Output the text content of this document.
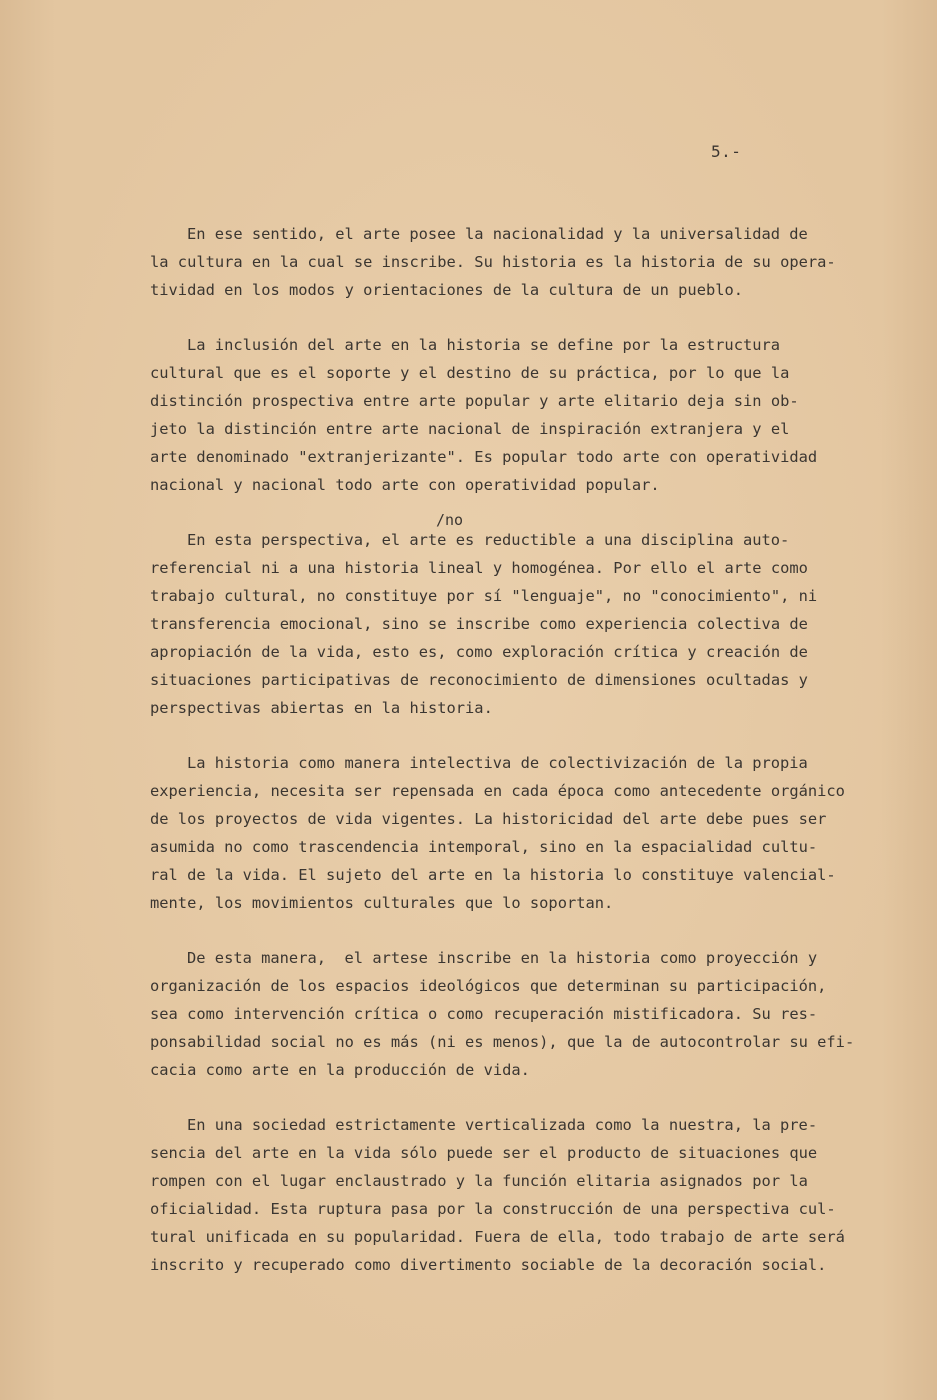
5.-
En ese sentido, el arte posee la nacionalidad y la universalidad de
la cultura en la cual se inscribe. Su historia es la historia de su opera-
tividad en los modos y orientaciones de la cultura de un pueblo.
La inclusión del arte en la historia se define por la estructura
cultural que es el soporte y el destino de su práctica, por lo que la
distinción prospectiva entre arte popular y arte elitario deja sin ob-
jeto la distinción entre arte nacional de inspiración extranjera y el
arte denominado "extranjerizante". Es popular todo arte con operatividad
nacional y nacional todo arte con operatividad popular.
/no
En esta perspectiva, el arte es reductible a una disciplina auto-
referencial ni a una historia lineal y homogénea. Por ello el arte como
trabajo cultural, no constituye por sí "lenguaje", no "conocimiento", ni
transferencia emocional, sino se inscribe como experiencia colectiva de
apropiación de la vida, esto es, como exploración crítica y creación de
situaciones participativas de reconocimiento de dimensiones ocultadas y
perspectivas abiertas en la historia.
La historia como manera intelectiva de colectivización de la propia
experiencia, necesita ser repensada en cada época como antecedente orgánico
de los proyectos de vida vigentes. La historicidad del arte debe pues ser
asumida no como trascendencia intemporal, sino en la espacialidad cultu-
ral de la vida. El sujeto del arte en la historia lo constituye valencial-
mente, los movimientos culturales que lo soportan.
De esta manera,  el artese inscribe en la historia como proyección y
organización de los espacios ideológicos que determinan su participación,
sea como intervención crítica o como recuperación mistificadora. Su res-
ponsabilidad social no es más (ni es menos), que la de autocontrolar su efi-
cacia como arte en la producción de vida.
En una sociedad estrictamente verticalizada como la nuestra, la pre-
sencia del arte en la vida sólo puede ser el producto de situaciones que
rompen con el lugar enclaustrado y la función elitaria asignados por la
oficialidad. Esta ruptura pasa por la construcción de una perspectiva cul-
tural unificada en su popularidad. Fuera de ella, todo trabajo de arte será
inscrito y recuperado como divertimento sociable de la decoración social.
